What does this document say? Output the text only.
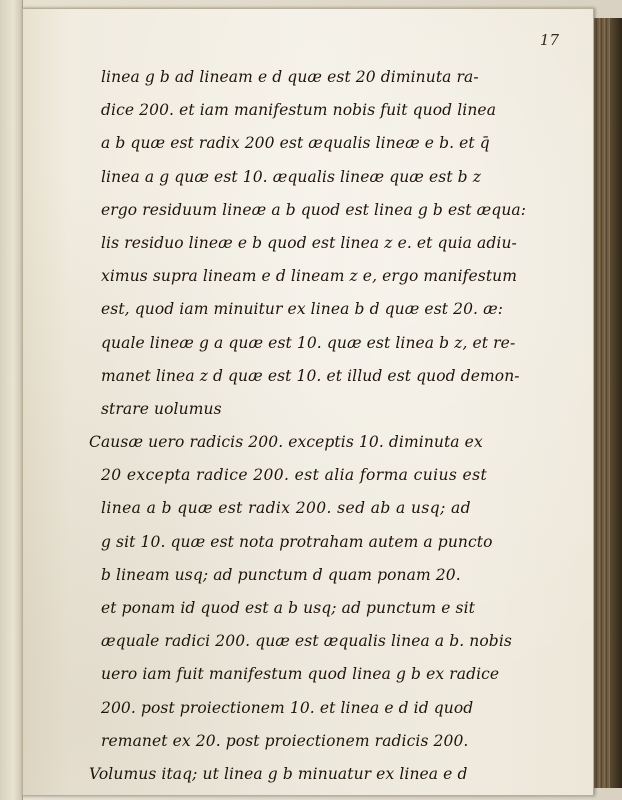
17
linea g b ad lineam e d quæ est 20 diminuta ra-
dice 200. et iam manifestum nobis fuit quod linea
a b quæ est radix 200 est æqualis lineæ e b. et q̄
linea a g quæ est 10. æqualis lineæ quæ est b z
ergo residuum lineæ a b quod est linea g b est æqua:
lis residuo lineæ e b quod est linea z e. et quia adiu-
ximus supra lineam e d lineam z e, ergo manifestum
est, quod iam minuitur ex linea b d quæ est 20. æ:
quale lineæ g a quæ est 10. quæ est linea b z, et re-
manet linea z d quæ est 10. et illud est quod demon-
strare uolumus
Causæ uero radicis 200. exceptis 10. diminuta ex
20 excepta radice 200. est alia forma cuius est
linea a b quæ est radix 200. sed ab a usq; ad
g sit 10. quæ est nota protraham autem a puncto
b lineam usq; ad punctum d quam ponam 20.
et ponam id quod est a b usq; ad punctum e sit
æquale radici 200. quæ est æqualis linea a b. nobis
uero iam fuit manifestum quod linea g b ex radice
200. post proiectionem 10. et linea e d id quod
remanet ex 20. post proiectionem radicis 200.
Volumus itaq; ut linea g b minuatur ex linea e d
